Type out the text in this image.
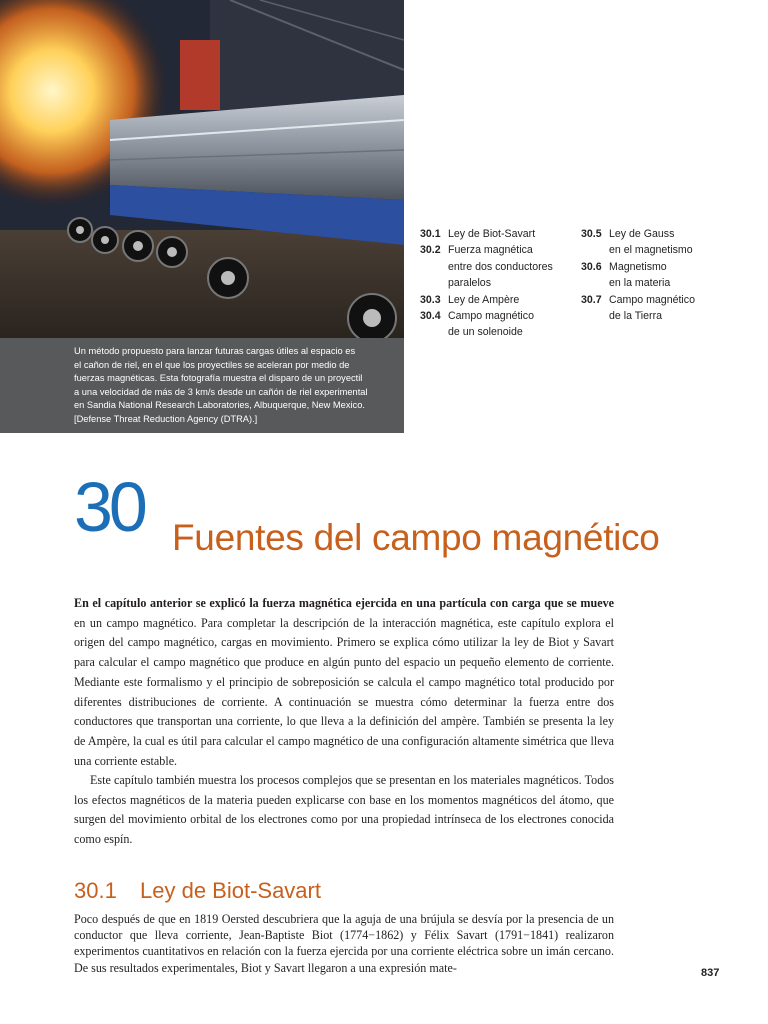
Un método propuesto para lanzar futuras cargas útiles al espacio es
el cañon de riel, en el que los proyectiles se aceleran por medio de
fuerzas magnéticas. Esta fotografía muestra el disparo de un proyectil
a una velocidad de más de 3 km/s desde un cañón de riel experimental
en Sandia National Research Laboratories, Albuquerque, New Mexico.
[Defense Threat Reduction Agency (DTRA).]
30.1 Ley de Biot-Savart
30.2 Fuerza magnética
entre dos conductores
paralelos
30.3 Ley de Ampère
30.4 Campo magnético
de un solenoide
30.5 Ley de Gauss
en el magnetismo
30.6 Magnetismo
en la materia
30.7 Campo magnético
de la Tierra
30 Fuentes del campo magnético
En el capítulo anterior se explicó la fuerza magnética ejercida en una partícula con carga que se mueve en un campo magnético. Para completar la descripción de la interacción magnética, este capítulo explora el origen del campo magnético, cargas en movimiento. Primero se explica cómo utilizar la ley de Biot y Savart para calcular el campo magnético que produce en algún punto del espacio un pequeño elemento de corriente. Mediante este formalismo y el principio de sobreposición se calcula el campo magnético total producido por diferentes distribuciones de corriente. A continuación se muestra cómo determinar la fuerza entre dos conductores que transportan una corriente, lo que lleva a la definición del ampère. También se presenta la ley de Ampère, la cual es útil para calcular el campo magnético de una configuración altamente simétrica que lleva una corriente estable.
Este capítulo también muestra los procesos complejos que se presentan en los materiales magnéticos. Todos los efectos magnéticos de la materia pueden explicarse con base en los momentos magnéticos del átomo, que surgen del movimiento orbital de los electrones como por una propiedad intrínseca de los electrones conocida como espín.
30.1 Ley de Biot-Savart
Poco después de que en 1819 Oersted descubriera que la aguja de una brújula se desvía por la presencia de un conductor que lleva corriente, Jean-Baptiste Biot (1774−1862) y Félix Savart (1791−1841) realizaron experimentos cuantitativos en relación con la fuerza ejercida por una corriente eléctrica sobre un imán cercano. De sus resultados experimentales, Biot y Savart llegaron a una expresión mate-	837
